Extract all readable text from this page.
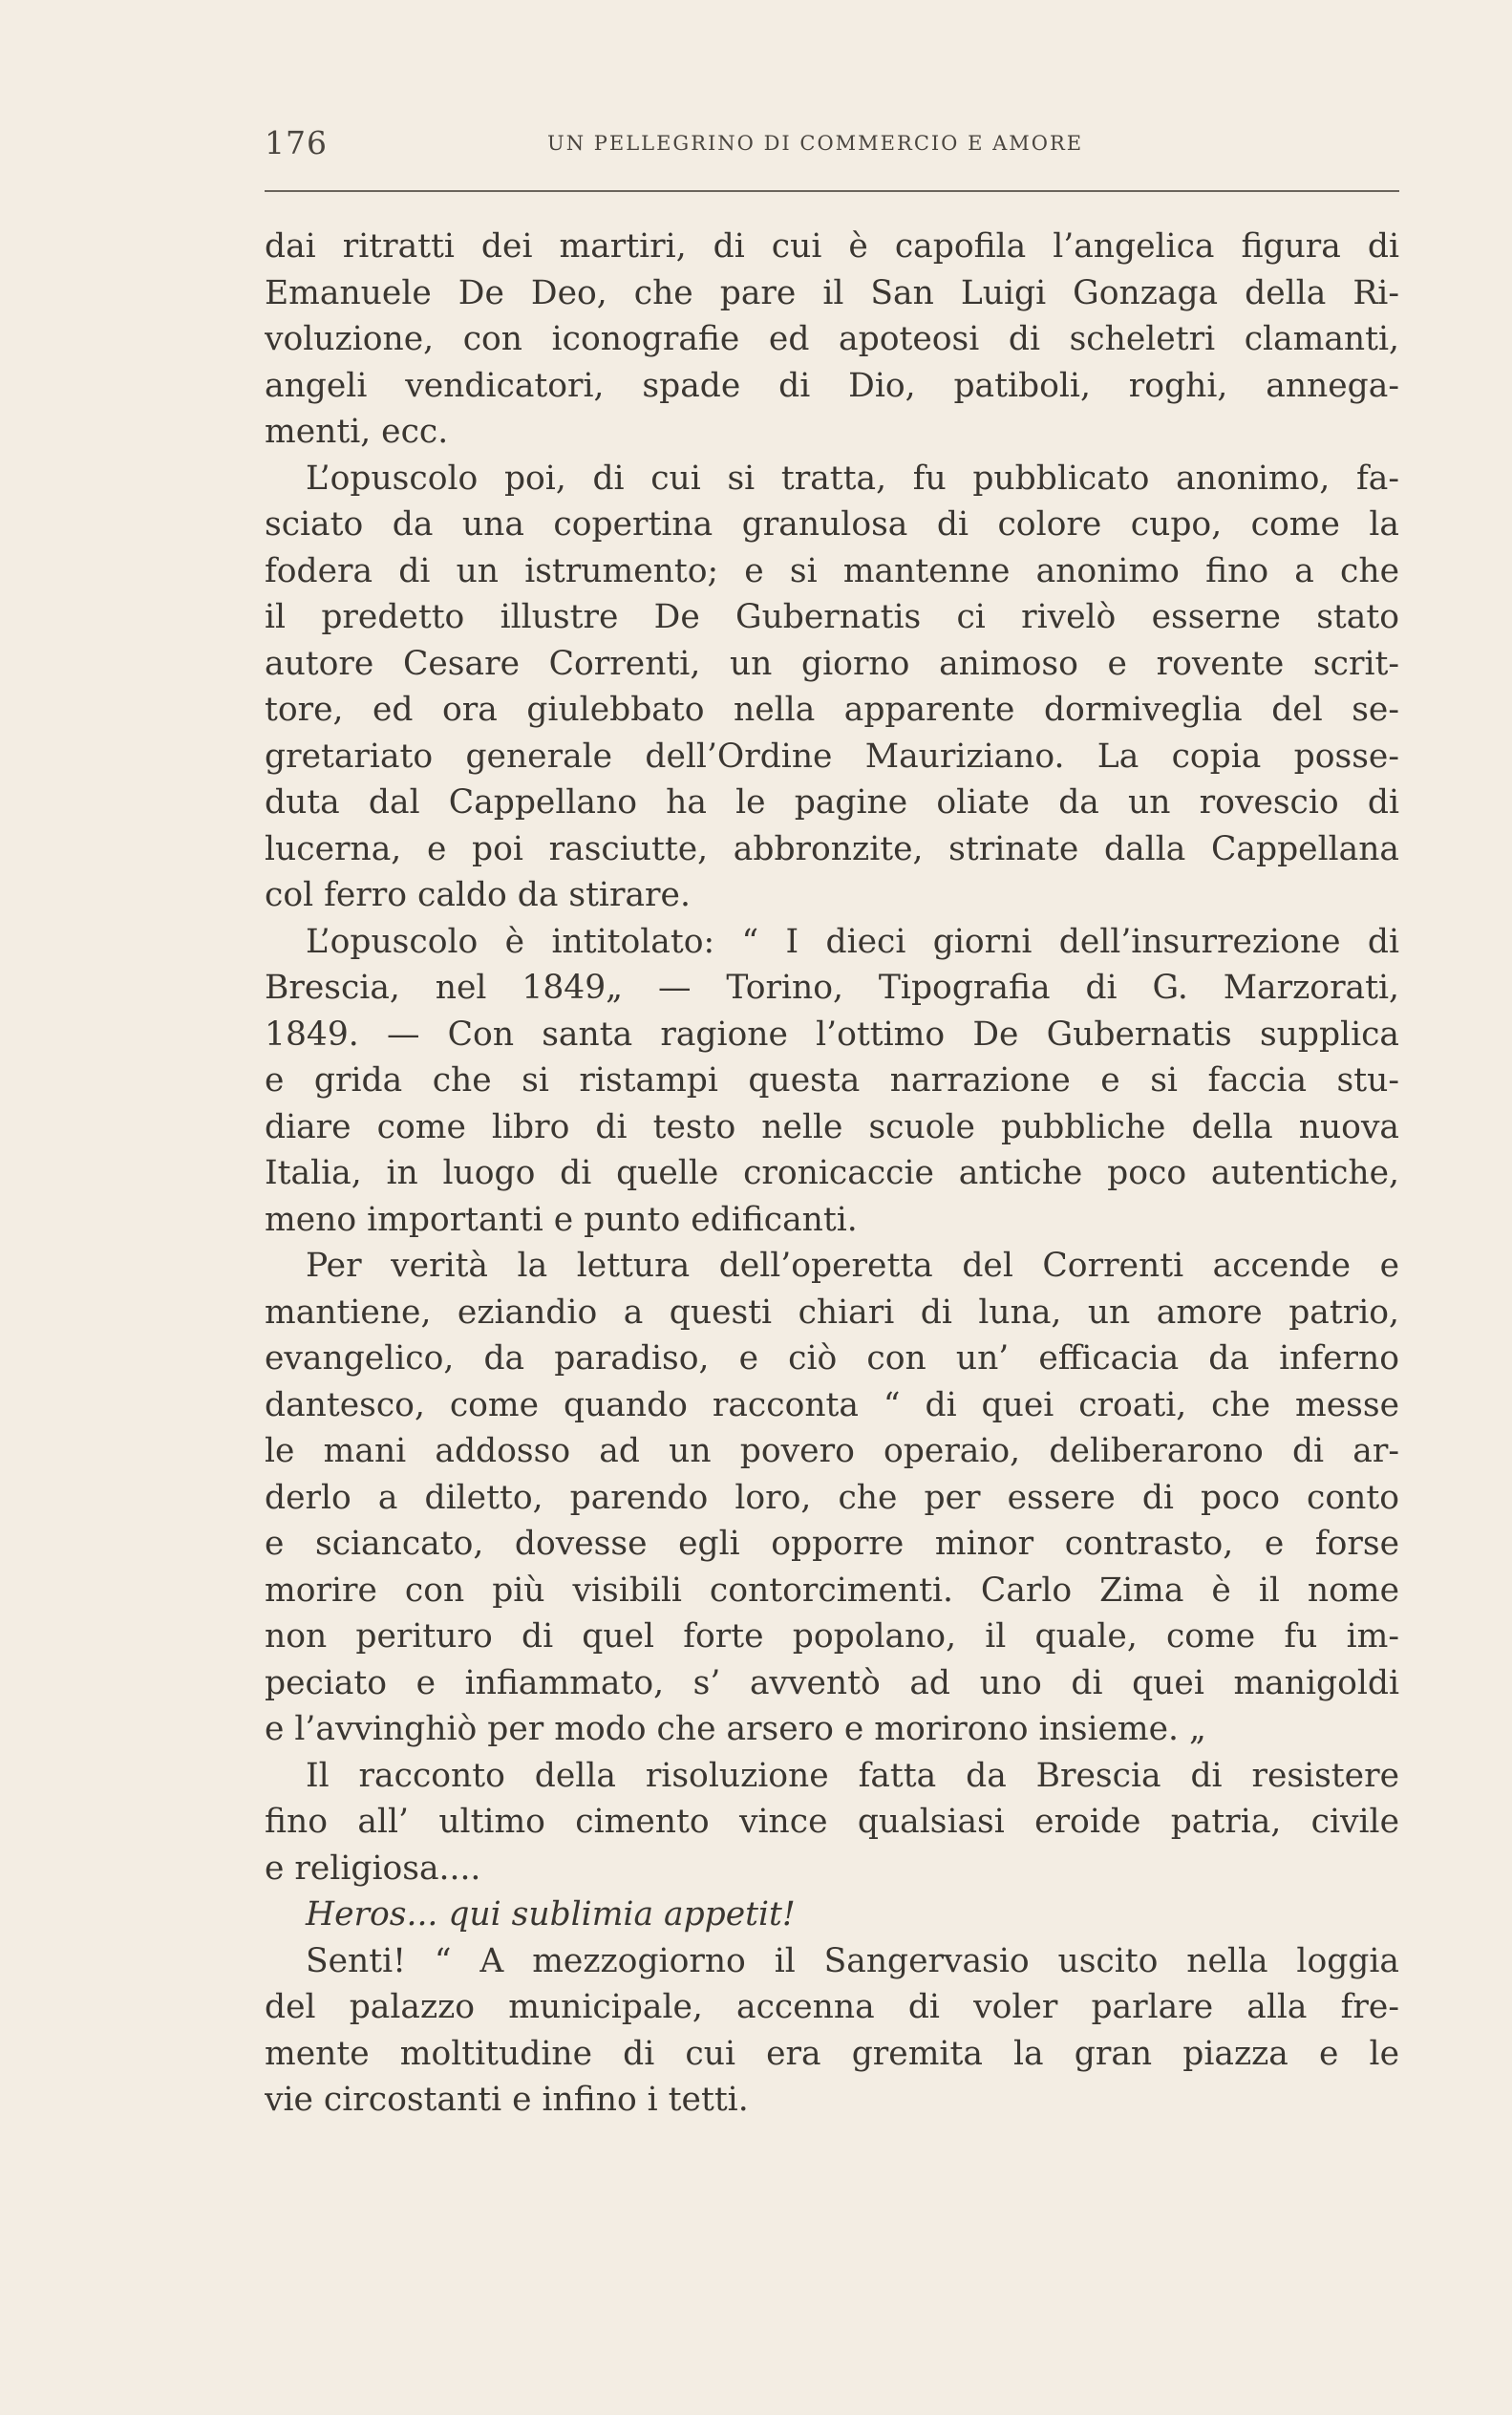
176	UN PELLEGRINO DI COMMERCIO E AMORE
dai ritratti dei martiri, di cui è capofila l’angelica figura di
Emanuele De Deo, che pare il San Luigi Gonzaga della Ri-
voluzione, con iconografie ed apoteosi di scheletri clamanti,
angeli vendicatori, spade di Dio, patiboli, roghi, annega-
menti, ecc.
L’opuscolo poi, di cui si tratta, fu pubblicato anonimo, fa-
sciato da una copertina granulosa di colore cupo, come la
fodera di un istrumento; e si mantenne anonimo fino a che
il predetto illustre De Gubernatis ci rivelò esserne stato
autore Cesare Correnti, un giorno animoso e rovente scrit-
tore, ed ora giulebbato nella apparente dormiveglia del se-
gretariato generale dell’Ordine Mauriziano. La copia posse-
duta dal Cappellano ha le pagine oliate da un rovescio di
lucerna, e poi rasciutte, abbronzite, strinate dalla Cappellana
col ferro caldo da stirare.
L’opuscolo è intitolato: “ I dieci giorni dell’insurrezione di
Brescia, nel 1849„ — Torino, Tipografia di G. Marzorati,
1849. — Con santa ragione l’ottimo De Gubernatis supplica
e grida che si ristampi questa narrazione e si faccia stu-
diare come libro di testo nelle scuole pubbliche della nuova
Italia, in luogo di quelle cronicaccie antiche poco autentiche,
meno importanti e punto edificanti.
Per verità la lettura dell’operetta del Correnti accende e
mantiene, eziandio a questi chiari di luna, un amore patrio,
evangelico, da paradiso, e ciò con un’ efficacia da inferno
dantesco, come quando racconta “ di quei croati, che messe
le mani addosso ad un povero operaio, deliberarono di ar-
derlo a diletto, parendo loro, che per essere di poco conto
e sciancato, dovesse egli opporre minor contrasto, e forse
morire con più visibili contorcimenti. Carlo Zima è il nome
non perituro di quel forte popolano, il quale, come fu im-
peciato e infiammato, s’ avventò ad uno di quei manigoldi
e l’avvinghiò per modo che arsero e morirono insieme. „
Il racconto della risoluzione fatta da Brescia di resistere
fino all’ ultimo cimento vince qualsiasi eroide patria, civile
e religiosa....
Heros... qui sublimia appetit!
Senti! “ A mezzogiorno il Sangervasio uscito nella loggia
del palazzo municipale, accenna di voler parlare alla fre-
mente moltitudine di cui era gremita la gran piazza e le
vie circostanti e infino i tetti.
